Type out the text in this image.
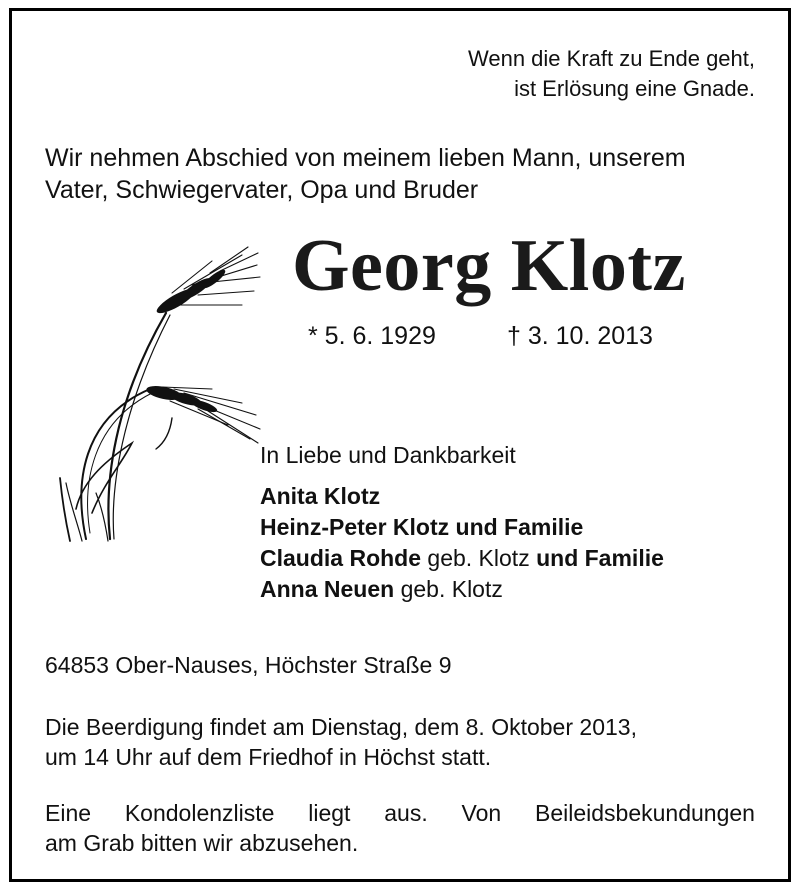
Wenn die Kraft zu Ende geht,
ist Erlösung eine Gnade.
Wir nehmen Abschied von meinem lieben Mann, unserem
Vater, Schwiegervater, Opa und Bruder
Georg Klotz
* 5. 6. 1929	† 3. 10. 2013
In Liebe und Dankbarkeit
Anita Klotz
Heinz-Peter Klotz und Familie
Claudia Rohde geb. Klotz und Familie
Anna Neuen geb. Klotz
64853 Ober-Nauses, Höchster Straße 9
Die Beerdigung findet am Dienstag, dem 8. Oktober 2013,
um 14 Uhr auf dem Friedhof in Höchst statt.
Eine Kondolenzliste liegt aus. Von Beileidsbekundungen
am Grab bitten wir abzusehen.
